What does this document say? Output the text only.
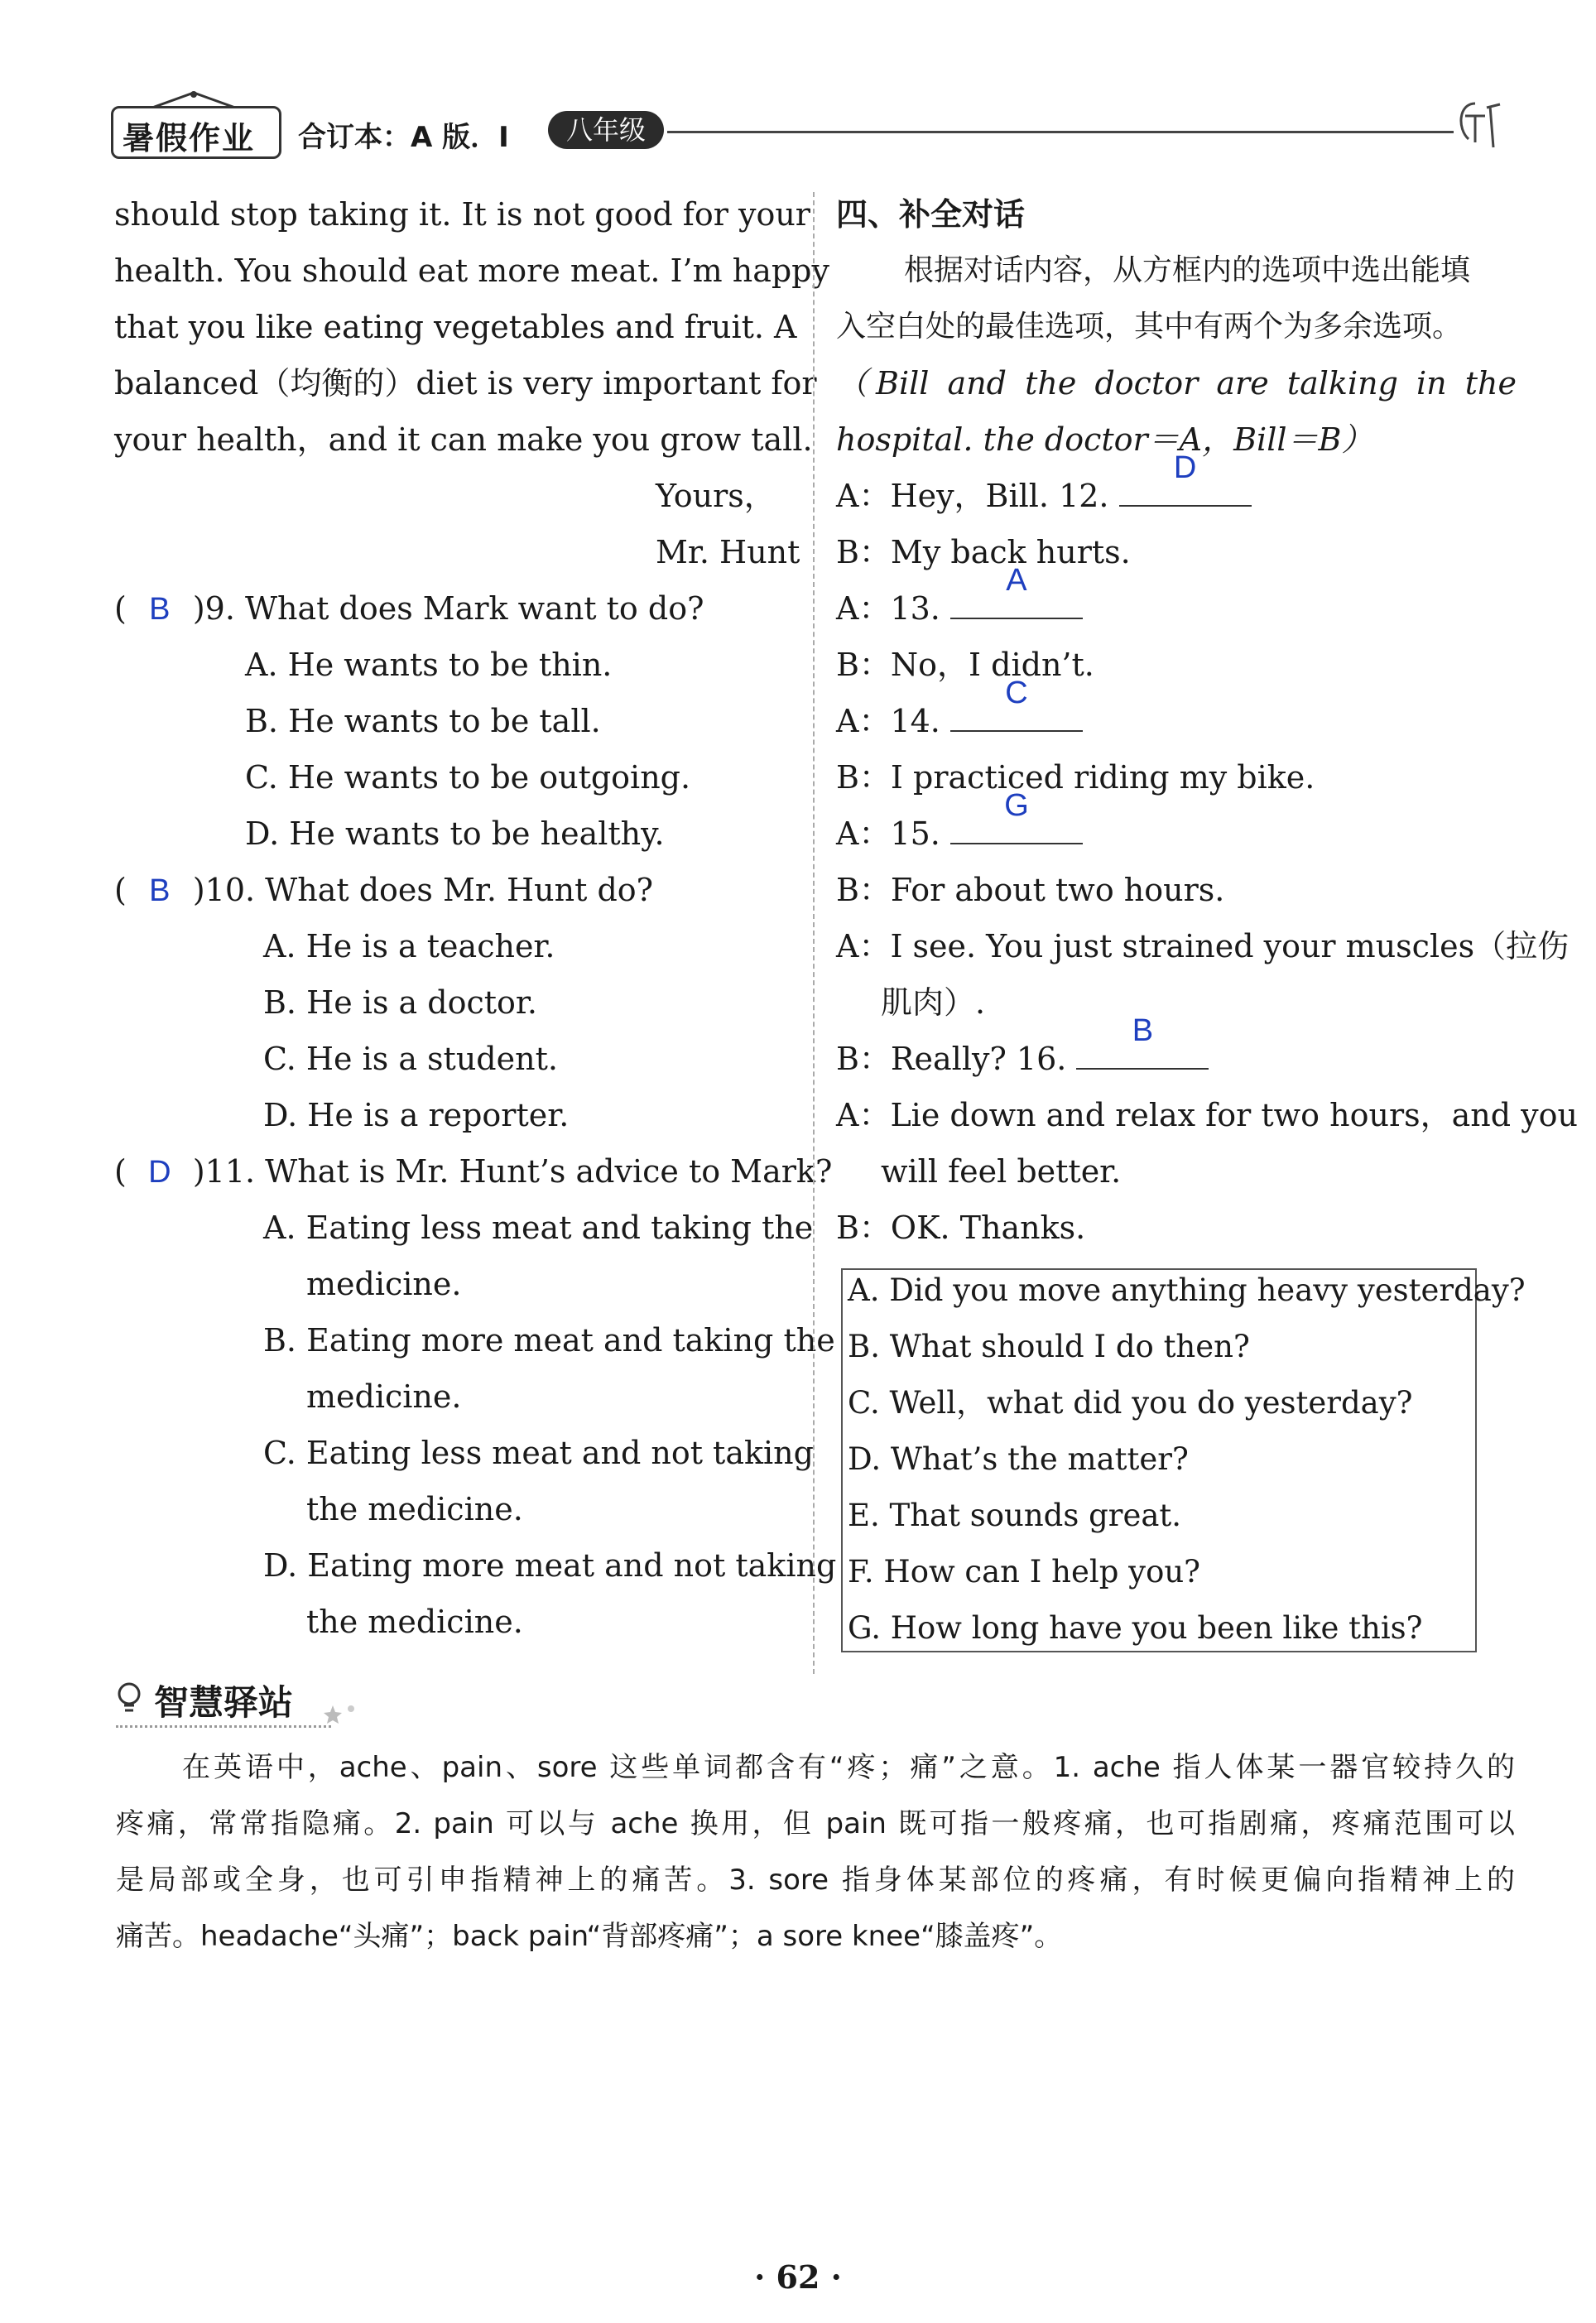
暑假作业 合订本：A 版．I	八年级
should stop taking it. It is not good for your
health. You should eat more meat. I’m happy
that you like eating vegetables and fruit. A
balanced（均衡的）diet is very important for
your health，and it can make you grow tall.
Yours，
Mr. Hunt
( B )9. What does Mark want to do?
A. He wants to be thin.
B. He wants to be tall.
C. He wants to be outgoing.
D. He wants to be healthy.
( B )10. What does Mr. Hunt do?
A. He is a teacher.
B. He is a doctor.
C. He is a student.
D. He is a reporter.
( D )11. What is Mr. Hunt’s advice to Mark?
A. Eating less meat and taking the
medicine.
B. Eating more meat and taking the
medicine.
C. Eating less meat and not taking
the medicine.
D. Eating more meat and not taking
the medicine.
四、补全对话
根据对话内容，从方框内的选项中选出能填
入空白处的最佳选项，其中有两个为多余选项。
（Bill and the doctor are talking in the
hospital. the doctor＝A，Bill＝B）
A：Hey，Bill. 12.
D
B：My back hurts.
A：13.
A
B：No，I didn’t.
A：14.
C
B：I practiced riding my bike.
A：15.
G
B：For about two hours.
A：I see. You just strained your muscles（拉伤
肌肉）.
B：Really? 16.
B
A：Lie down and relax for two hours，and you
will feel better.
B：OK. Thanks.
A. Did you move anything heavy yesterday?
B. What should I do then?
C. Well，what did you do yesterday?
D. What’s the matter?
E. That sounds great.
F. How can I help you?
G. How long have you been like this?
智慧驿站
在英语中，ache、pain、sore 这些单词都含有“疼；痛”之意。1. ache 指人体某一器官较持久的
疼痛，常常指隐痛。2. pain 可以与 ache 换用，但 pain 既可指一般疼痛，也可指剧痛，疼痛范围可以
是局部或全身，也可引申指精神上的痛苦。3. sore 指身体某部位的疼痛，有时候更偏向指精神上的
痛苦。headache“头痛”；back pain“背部疼痛”；a sore knee“膝盖疼”。
· 62 ·
